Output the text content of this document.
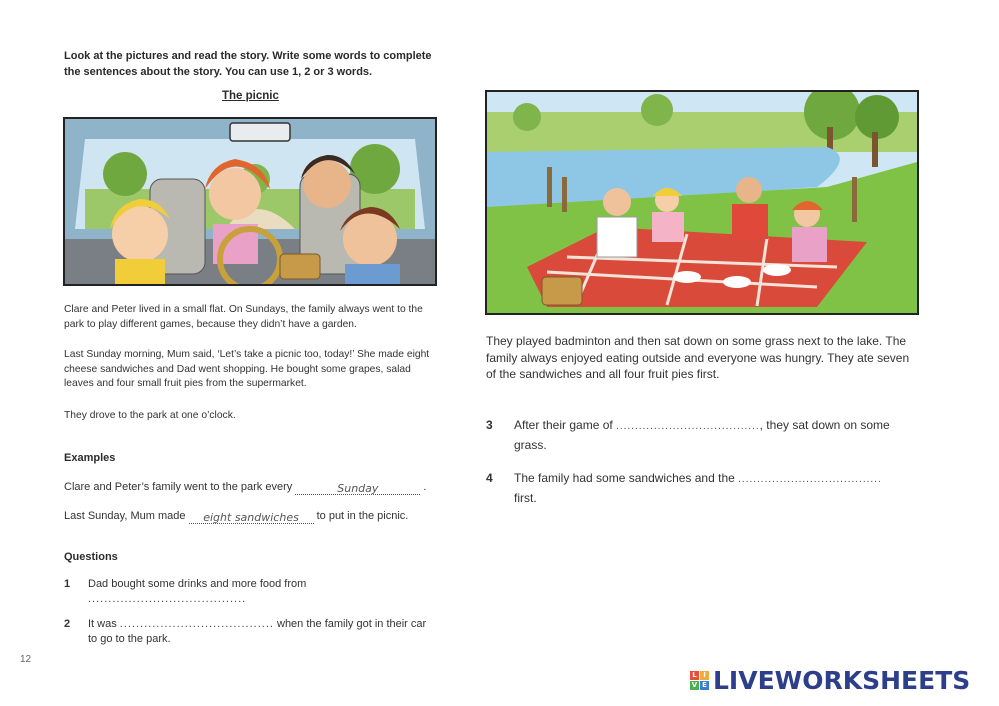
Look at the pictures and read the story. Write some words to complete the sentences about the story. You can use 1, 2 or 3 words.
The picnic
Clare and Peter lived in a small flat. On Sundays, the family always went to the park to play different games, because they didn’t have a garden.
Last Sunday morning, Mum said, ‘Let’s take a picnic too, today!’ She made eight cheese sandwiches and Dad went shopping. He bought some grapes, salad leaves and four small fruit pies from the supermarket.
They drove to the park at one o’clock.
Examples
Clare and Peter’s family went to the park every	Sunday	.
Last Sunday, Mum made eight sandwiches to put in the picnic.
Questions
1 Dad bought some drinks and more food from
.......................................
2 It was ...................................... when the family got in their car to go to the park.
12
They played badminton and then sat down on some grass next to the lake. The family always enjoyed eating outside and everyone was hungry. They ate seven of the sandwiches and all four fruit pies first.
3 After their game of ......................................, they sat down on some grass.
4 The family had some sandwiches and the ...................................... first.
L I
V E LIVEWORKSHEETS
